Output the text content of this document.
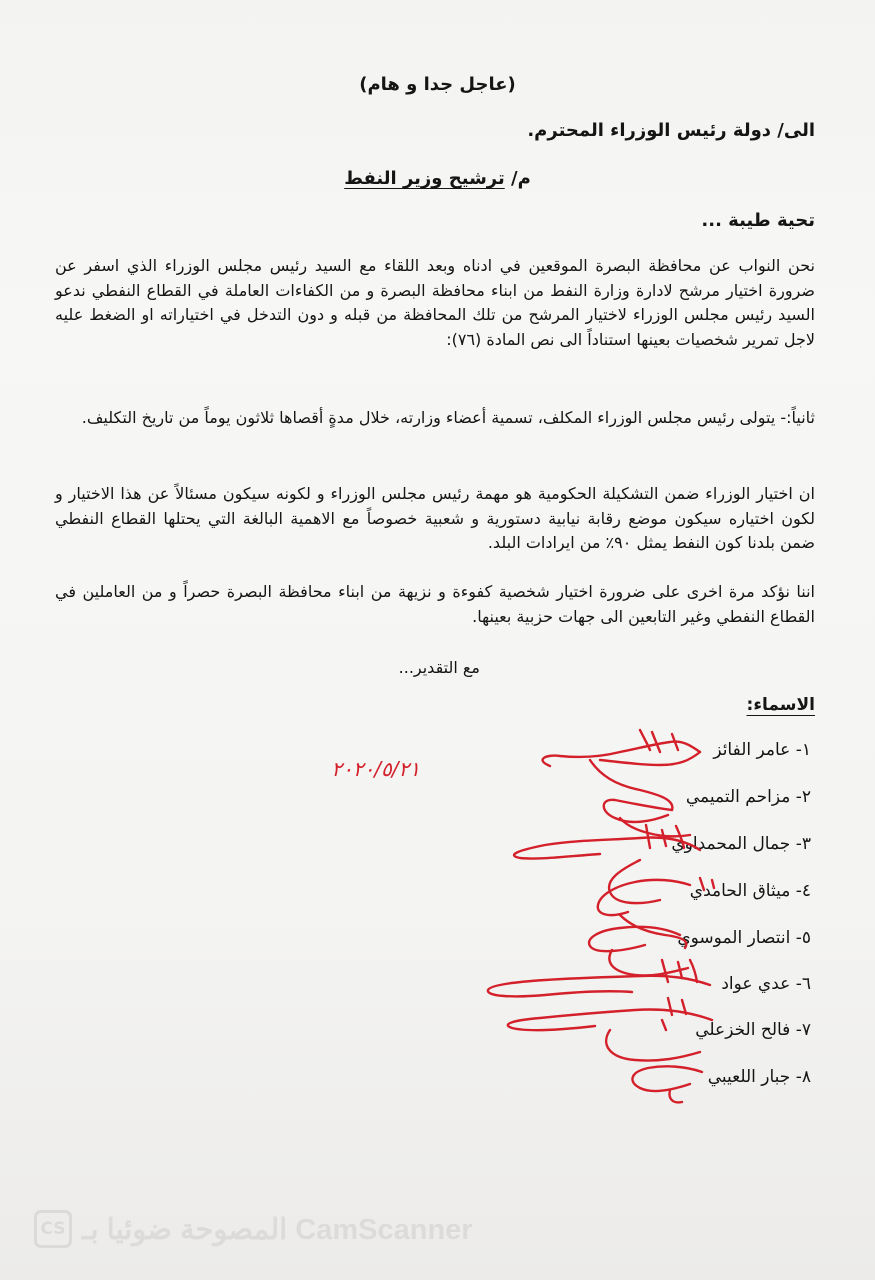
(عاجل جدا و هام)
الى/ دولة رئيس الوزراء المحترم.
م/ ترشيح وزير النفط
تحية طيبة ...
نحن النواب عن محافظة البصرة الموقعين في ادناه وبعد اللقاء مع السيد رئيس مجلس الوزراء الذي اسفر عن ضرورة اختيار مرشح لادارة وزارة النفط من ابناء محافظة البصرة و من الكفاءات العاملة في القطاع النفطي ندعو السيد رئيس مجلس الوزراء لاختيار المرشح من تلك المحافظة من قبله و دون التدخل في اختياراته او الضغط عليه لاجل تمرير شخصيات بعينها استناداً الى نص المادة (٧٦):
ثانياً:- يتولى رئيس مجلس الوزراء المكلف، تسمية أعضاء وزارته، خلال مدةٍ أقصاها ثلاثون يوماً من تاريخ التكليف.
ان اختيار الوزراء ضمن التشكيلة الحكومية هو مهمة رئيس مجلس الوزراء و لكونه سيكون مسئالاً عن هذا الاختيار و لكون اختياره سيكون موضع رقابة نيابية دستورية و شعبية خصوصاً مع الاهمية البالغة التي يحتلها القطاع النفطي ضمن بلدنا كون النفط يمثل ٩٠٪ من ايرادات البلد.
اننا نؤكد مرة اخرى على ضرورة اختيار شخصية كفوءة و نزيهة من ابناء محافظة البصرة حصراً و من العاملين في القطاع النفطي وغير التابعين الى جهات حزبية بعينها.
مع التقدير...
الاسماء:
١- عامر الفائز
٢- مزاحم التميمي
٣- جمال المحمداوي
٤- ميثاق الحامدي
٥- انتصار الموسوي
٦- عدي عواد
٧- فالح الخزعلي
٨- جبار اللعيبي
٢٠٢٠/٥/٢١
CS المصوحة ضوئيا بـ CamScanner
